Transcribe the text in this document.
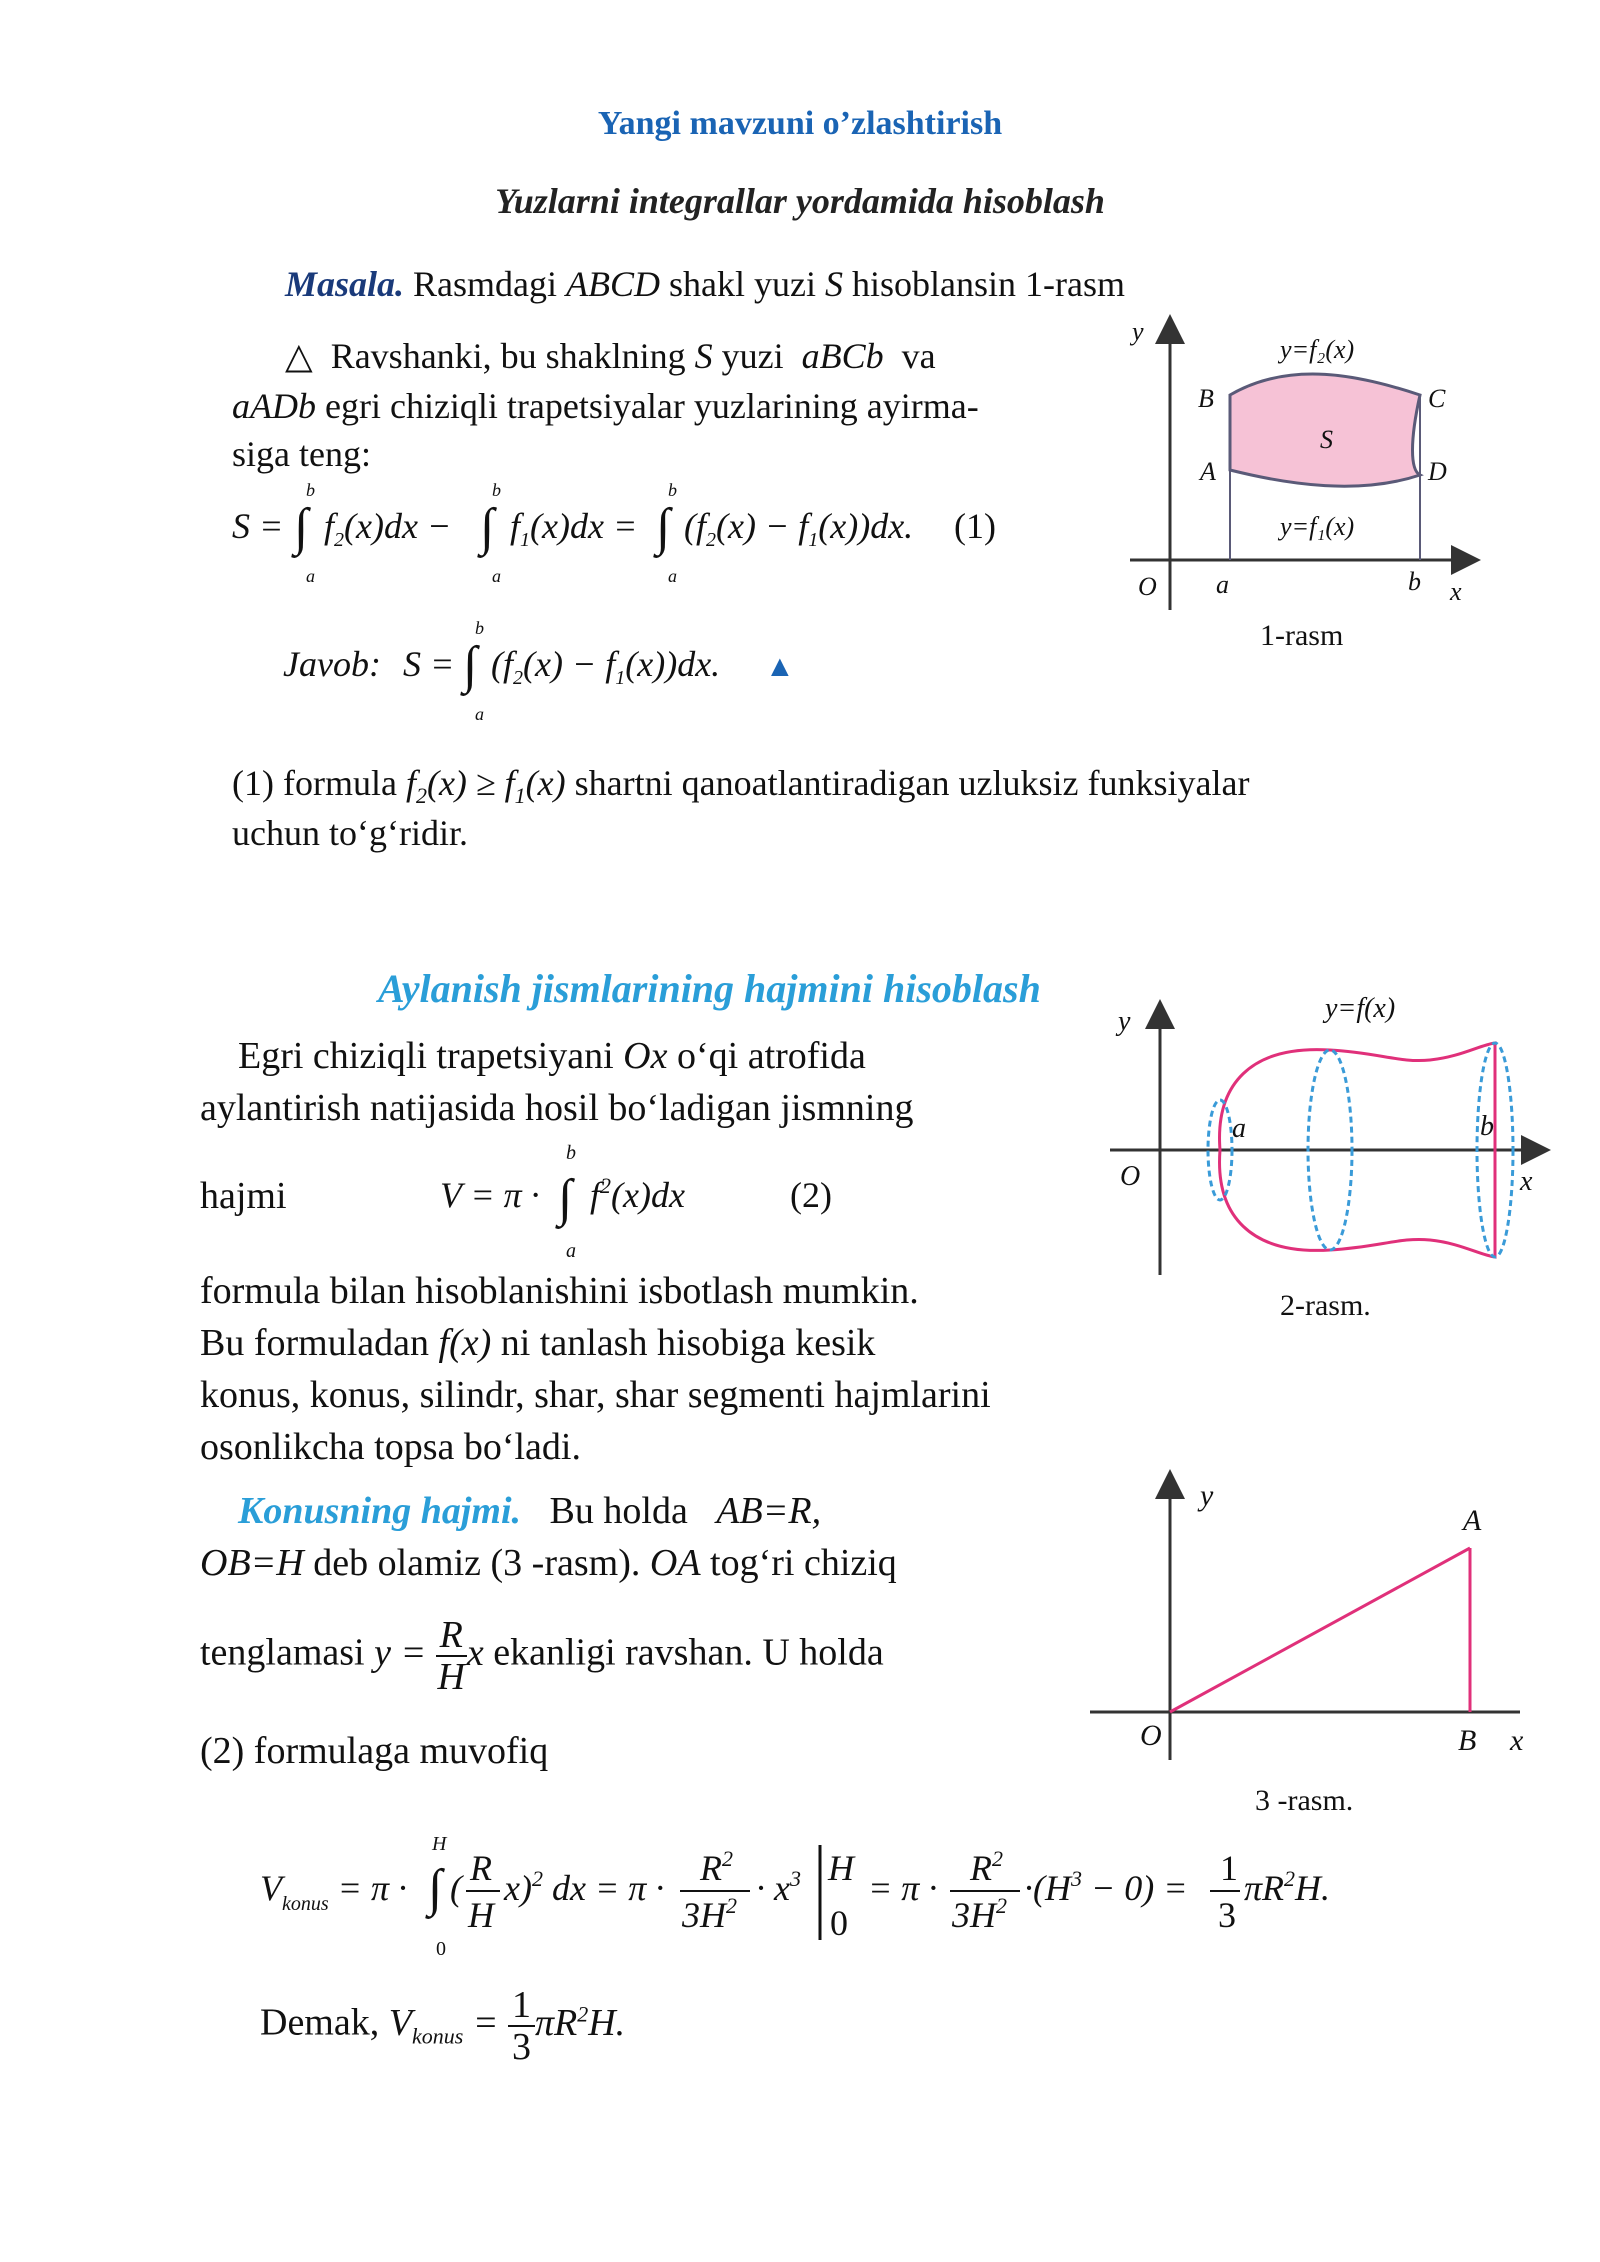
Yangi mavzuni o’zlashtirish
Yuzlarni integrallar yordamida hisoblash
Masala. Rasmdagi ABCD shakl yuzi S hisoblansin 1-rasm
△ Ravshanki, bu shaklning S yuzi aBCb va
aADb egri chiziqli trapetsiyalar yuzlarining ayirma-
siga teng:
S = ∫
b
a
$f_2(x)dx$ − ∫
b
a
$f_1(x)dx$ = ∫
b
a
$(f_2(x) - f_1(x))dx$. (1)
Javob: S = ∫
b
a
$(f_2(x) - f_1(x))dx$. ▲
(1) formula $f_2(x) \ge f_1(x)$ shartni qanoatlantiradigan uzluksiz funksiyalar
uchun to‘g‘ridir.
y
x
O a	b
B	C
A	D
S
y=f₂(x)
y=f₁(x)
1-rasm
Aylanish jismlarining hajmini hisoblash
Egri chiziqli trapetsiyani Ox o‘qi atrofida
aylantirish natijasida hosil bo‘ladigan jismning
hajmi	V = π · ∫
b
a
$f^2(x)dx$	(2)
formula bilan hisoblanishini isbotlash mumkin.
Bu formuladan f(x) ni tanlash hisobiga kesik
konus, konus, silindr, shar, shar segmenti hajmlarini
osonlikcha topsa bo‘ladi.
y=f(x)
y
x
O
a	b
2-rasm.
Konusning hajmi. Bu holda AB=R,
OB=H deb olamiz (3 -rasm). OA tog‘ri chiziq
tenglamasi $y = \frac{R}{H}$ x ekanligi ravshan. U holda
(2) formulaga muvofiq
y
x
O
A
B
3 -rasm.
$V_{konus} = \pi$ · ∫
H
0
( R
H
x)$^2$ dx = $\pi \cdot R^2$
$3H^2 \cdot x^3$ H
0
= $\pi \cdot R^2$
$3H^2 \cdot(H^3 - 0) = 1$
3
$\pi R^2H$.
Demak, $V_{konus} = \frac{1}{3} \pi R^2H$.
